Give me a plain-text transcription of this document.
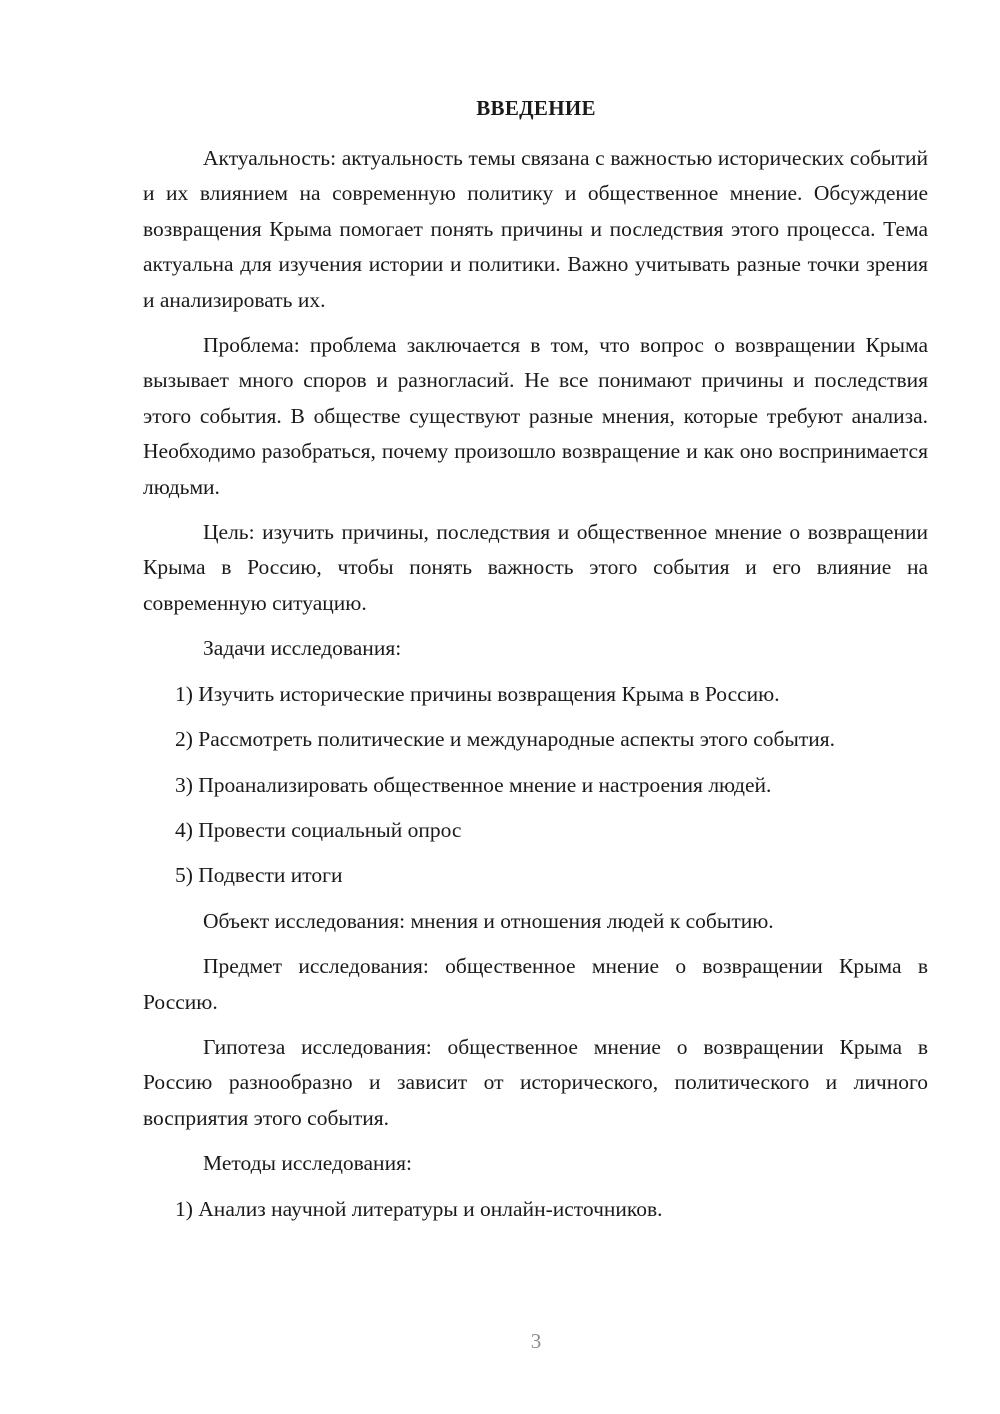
ВВЕДЕНИЕ

Актуальность: актуальность темы связана с важностью исторических событий и их влиянием на современную политику и общественное мнение. Обсуждение возвращения Крыма помогает понять причины и последствия этого процесса. Тема актуальна для изучения истории и политики. Важно учитывать разные точки зрения и анализировать их.

Проблема: проблема заключается в том, что вопрос о возвращении Крыма вызывает много споров и разногласий. Не все понимают причины и последствия этого события. В обществе существуют разные мнения, которые требуют анализа. Необходимо разобраться, почему произошло возвращение и как оно воспринимается людьми.

Цель: изучить причины, последствия и общественное мнение о возвращении Крыма в Россию, чтобы понять важность этого события и его влияние на современную ситуацию.

Задачи исследования:

1) Изучить исторические причины возвращения Крыма в Россию.

2) Рассмотреть политические и международные аспекты этого события.

3) Проанализировать общественное мнение и настроения людей.

4) Провести социальный опрос

5) Подвести итоги

Объект исследования: мнения и отношения людей к событию.

Предмет исследования: общественное мнение о возвращении Крыма в Россию.

Гипотеза исследования: общественное мнение о возвращении Крыма в Россию разнообразно и зависит от исторического, политического и личного восприятия этого события.

Методы исследования:

1) Анализ научной литературы и онлайн-источников.

3
